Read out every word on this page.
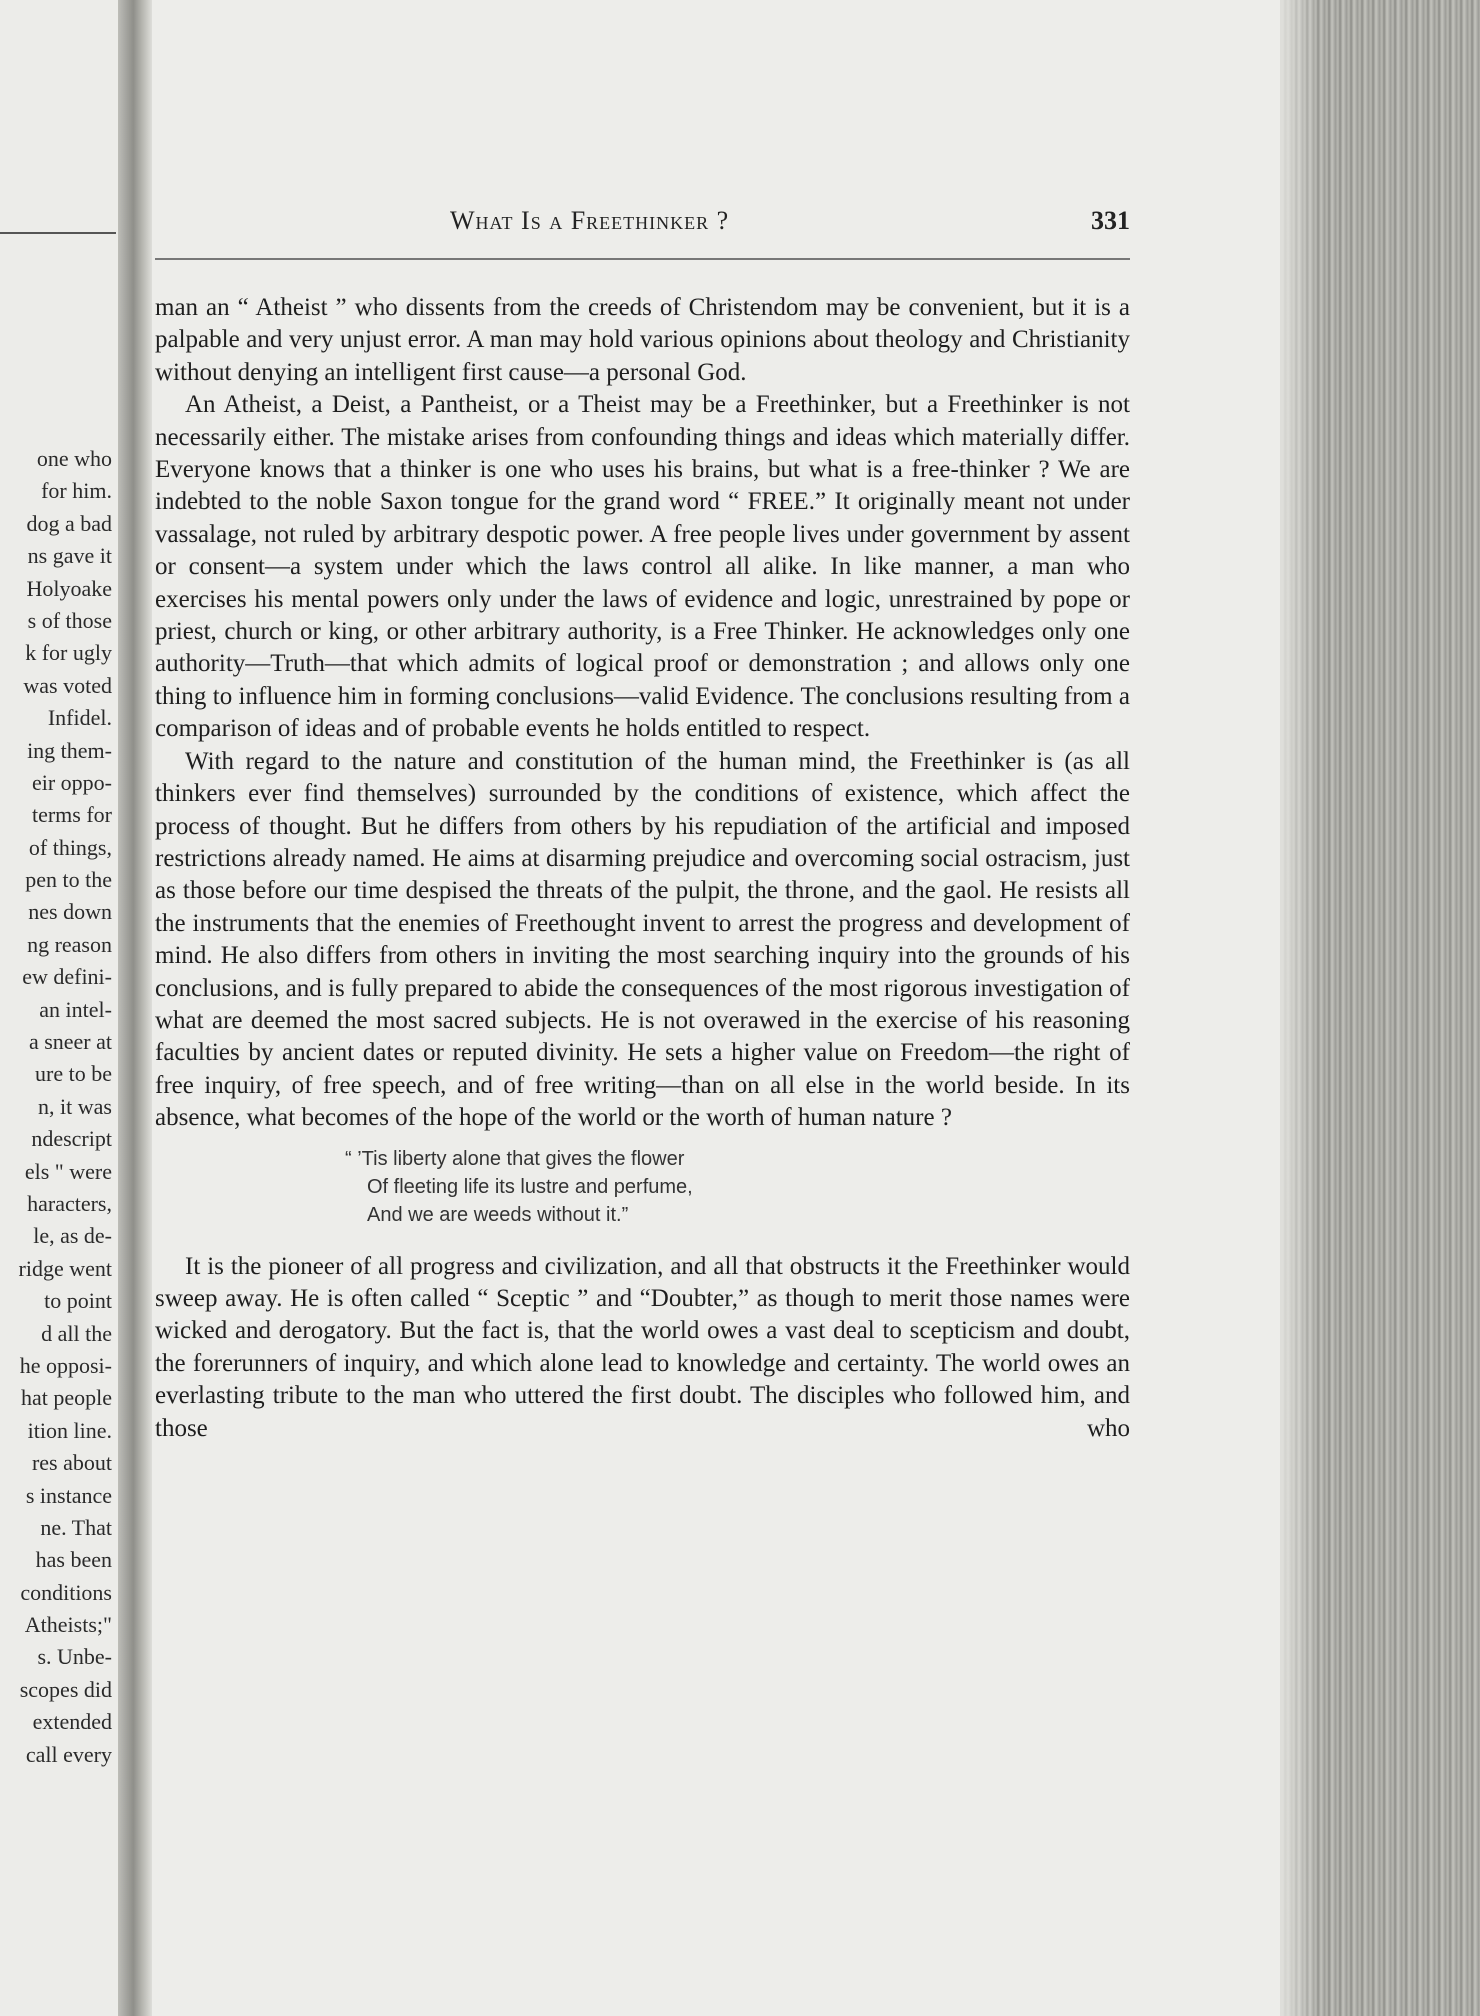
one who
for him.
dog a bad
ns gave it
Holyoake
s of those
k for ugly
was voted
Infidel.
ing them-
eir oppo-
terms for
of things,
pen to the
nes down
ng reason
ew defini-
an intel-
a sneer at
ure to be
n, it was
ndescript
els " were
haracters,
le, as de-
ridge went
to point
d all the
he opposi-
hat people
ition line.
res about
s instance
ne. That
has been
conditions
Atheists;"
s. Unbe-
scopes did
extended
call every
What Is a Freethinker ?	331

man an “ Atheist ” who dissents from the creeds of Christendom may be convenient, but it is a palpable and very unjust error. A man may hold various opinions about theology and Christianity without denying an intelligent first cause—a personal God.

An Atheist, a Deist, a Pantheist, or a Theist may be a Freethinker, but a Freethinker is not necessarily either. The mistake arises from confounding things and ideas which materially differ. Everyone knows that a thinker is one who uses his brains, but what is a free-thinker ? We are indebted to the noble Saxon tongue for the grand word “ FREE.” It originally meant not under vassalage, not ruled by arbitrary despotic power. A free people lives under government by assent or consent—a system under which the laws control all alike. In like manner, a man who exercises his mental powers only under the laws of evidence and logic, unrestrained by pope or priest, church or king, or other arbitrary authority, is a Free Thinker. He acknowledges only one authority—Truth—that which admits of logical proof or demonstration ; and allows only one thing to influence him in forming conclusions—valid Evidence. The conclusions resulting from a comparison of ideas and of probable events he holds entitled to respect.

With regard to the nature and constitution of the human mind, the Freethinker is (as all thinkers ever find themselves) surrounded by the conditions of existence, which affect the process of thought. But he differs from others by his repudiation of the artificial and imposed restrictions already named. He aims at disarming prejudice and overcoming social ostracism, just as those before our time despised the threats of the pulpit, the throne, and the gaol. He resists all the instruments that the enemies of Freethought invent to arrest the progress and development of mind. He also differs from others in inviting the most searching inquiry into the grounds of his conclusions, and is fully prepared to abide the consequences of the most rigorous investigation of what are deemed the most sacred subjects. He is not overawed in the exercise of his reasoning faculties by ancient dates or reputed divinity. He sets a higher value on Freedom—the right of free inquiry, of free speech, and of free writing—than on all else in the world beside. In its absence, what becomes of the hope of the world or the worth of human nature ?

“ ’Tis liberty alone that gives the flower
Of fleeting life its lustre and perfume,
And we are weeds without it.”

It is the pioneer of all progress and civilization, and all that obstructs it the Freethinker would sweep away. He is often called “ Sceptic ” and “Doubter,” as though to merit those names were wicked and derogatory. But the fact is, that the world owes a vast deal to scepticism and doubt, the forerunners of inquiry, and which alone lead to knowledge and certainty. The world owes an everlasting tribute to the man who uttered the first doubt. The disciples who followed him, and those who
